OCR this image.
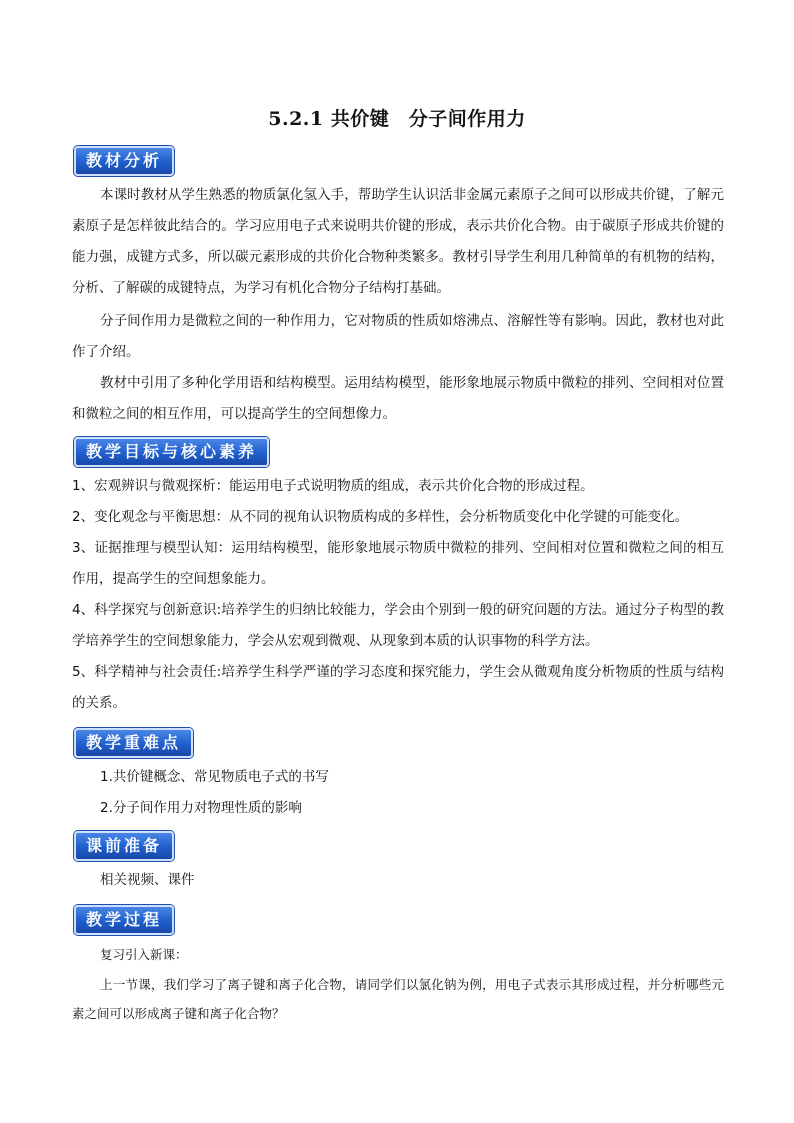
5.2.1 共价键　分子间作用力
教材分析
本课时教材从学生熟悉的物质氯化氢入手，帮助学生认识活非金属元素原子之间可以形成共价键，了解元素原子是怎样彼此结合的。学习应用电子式来说明共价键的形成，表示共价化合物。由于碳原子形成共价键的能力强，成键方式多，所以碳元素形成的共价化合物种类繁多。教材引导学生利用几种简单的有机物的结构，分析、了解碳的成键特点，为学习有机化合物分子结构打基础。
分子间作用力是微粒之间的一种作用力，它对物质的性质如熔沸点、溶解性等有影响。因此，教材也对此作了介绍。
教材中引用了多种化学用语和结构模型。运用结构模型，能形象地展示物质中微粒的排列、空间相对位置和微粒之间的相互作用，可以提高学生的空间想像力。
教学目标与核心素养
1、宏观辨识与微观探析：能运用电子式说明物质的组成，表示共价化合物的形成过程。
2、变化观念与平衡思想：从不同的视角认识物质构成的多样性，会分析物质变化中化学键的可能变化。
3、证据推理与模型认知：运用结构模型，能形象地展示物质中微粒的排列、空间相对位置和微粒之间的相互作用，提高学生的空间想象能力。
4、科学探究与创新意识:培养学生的归纳比较能力，学会由个别到一般的研究问题的方法。通过分子构型的教学培养学生的空间想象能力，学会从宏观到微观、从现象到本质的认识事物的科学方法。
5、科学精神与社会责任:培养学生科学严谨的学习态度和探究能力，学生会从微观角度分析物质的性质与结构的关系。
教学重难点
1.共价键概念、常见物质电子式的书写
2.分子间作用力对物理性质的影响
课前准备
相关视频、课件
教学过程
复习引入新课：
上一节课，我们学习了离子键和离子化合物，请同学们以氯化钠为例，用电子式表示其形成过程，并分析哪些元素之间可以形成离子键和离子化合物？
